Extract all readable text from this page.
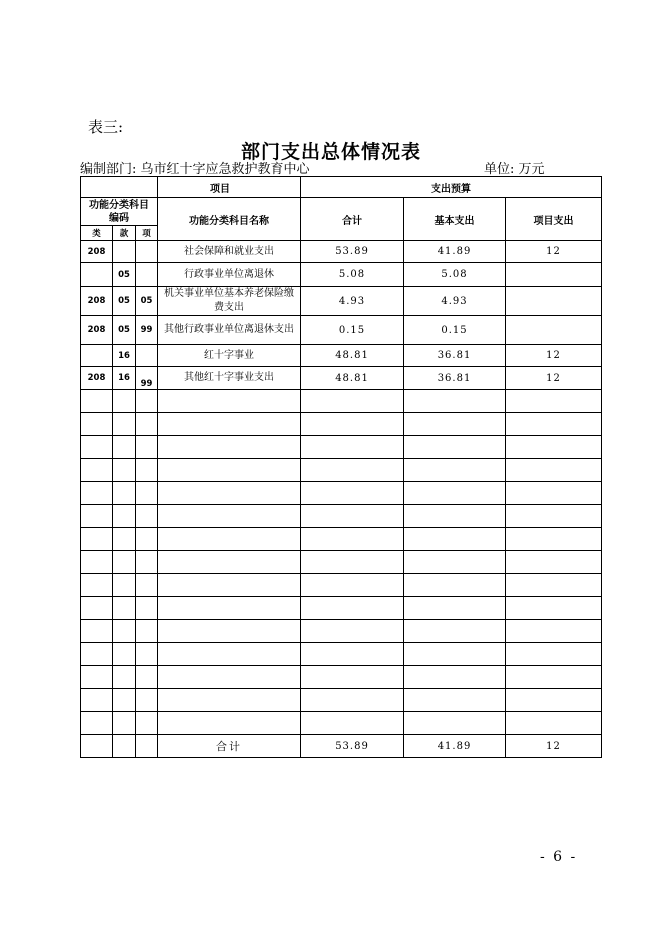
表三:
部门支出总体情况表
编制部门: 乌市红十字应急救护教育中心	单位: 万元
			项目	支出预算		
功能分类科目编码			功能分类科目名称	合计	基本支出	项目支出
类	款	项				
208			社会保障和就业支出	53.89	41.89	12
	05		行政事业单位离退休	5.08	5.08	
208	05	05	机关事业单位基本养老保险缴费支出	4.93	4.93	
208	05	99	其他行政事业单位离退休支出	0.15	0.15	
	16		红十字事业	48.81	36.81	12
208	16	99	其他红十字事业支出	48.81	36.81	12

			合计	53.89	41.89	12
- 6 -
